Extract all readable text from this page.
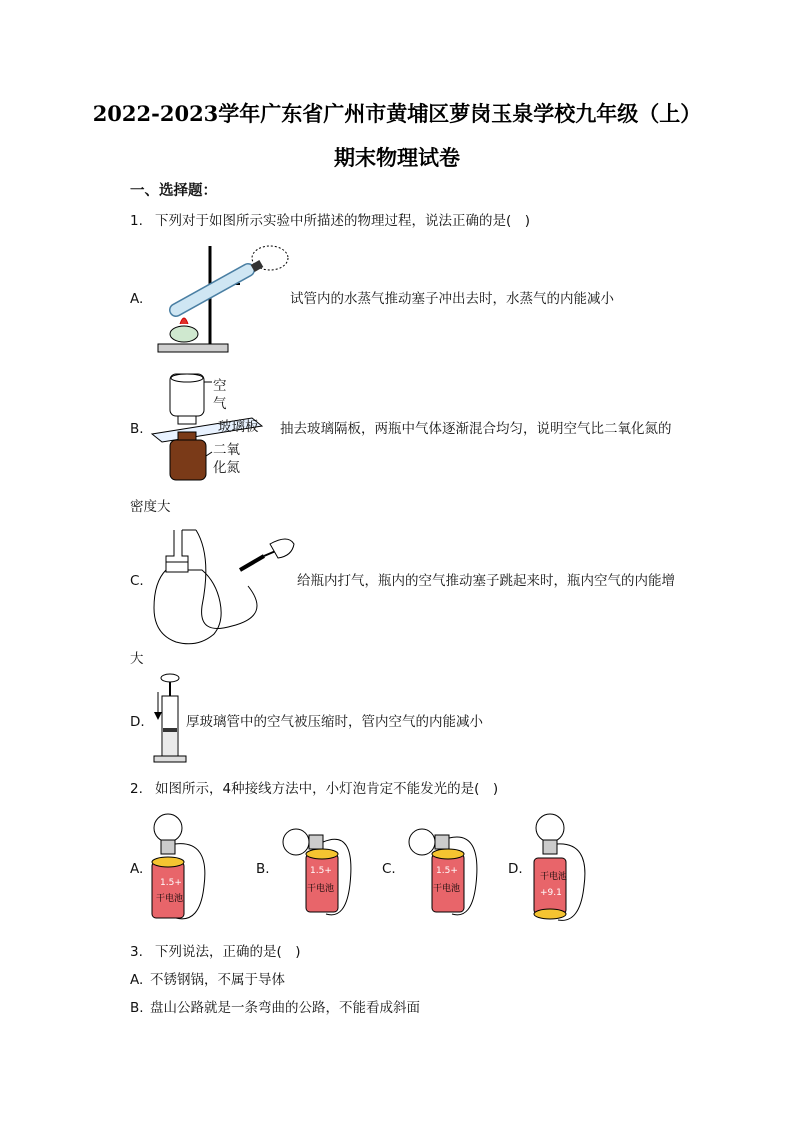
2022-2023学年广东省广州市黄埔区萝岗玉泉学校九年级（上）
期末物理试卷
一、选择题：
1. 下列对于如图所示实验中所描述的物理过程，说法正确的是(　)
A.	试管内的水蒸气推动塞子冲出去时，水蒸气的内能减小
B.
空
气
玻璃板
二氧
化氮
抽去玻璃隔板，两瓶中气体逐渐混合均匀，说明空气比二氧化氮的
密度大
C.	给瓶内打气，瓶内的空气推动塞子跳起来时，瓶内空气的内能增
大
D.	厚玻璃管中的空气被压缩时，管内空气的内能减小
2. 如图所示，4种接线方法中，小灯泡肯定不能发光的是(　)
A.
1.5+
干电池
B.	1.5+
干电池
C.	1.5+
干电池
D. 干电池
+9.1
3. 下列说法，正确的是(　)
A. 不锈钢锅，不属于导体
B. 盘山公路就是一条弯曲的公路，不能看成斜面
